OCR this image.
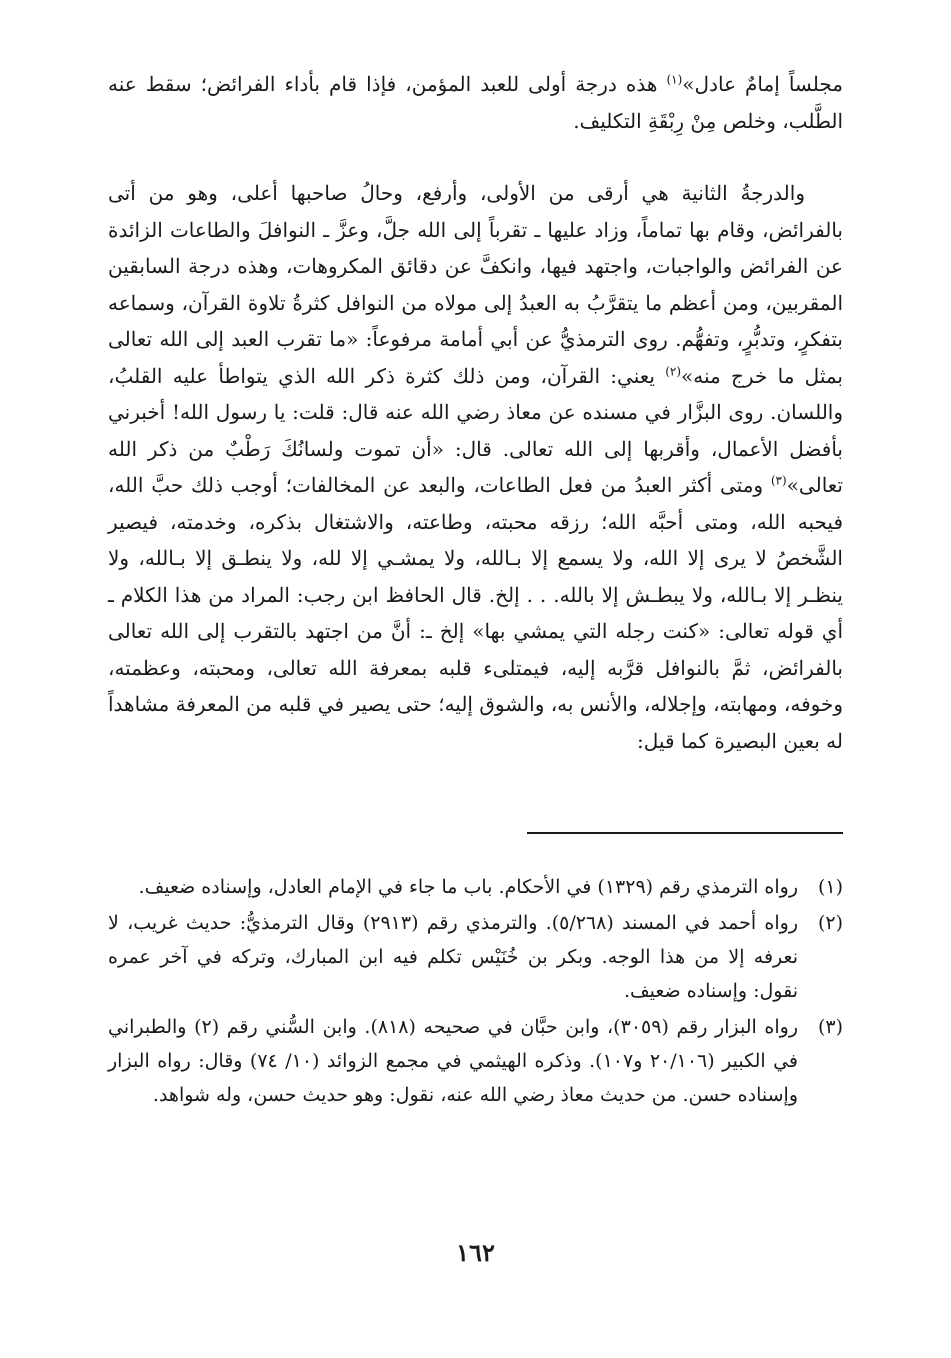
مجلساً إمامٌ عادل»$^{(١)}$ هذه درجة أولى للعبد المؤمن، فإذا قام بأداء الفرائض؛ سقط عنه الطَّلب، وخلص مِنْ رِبْقَةِ التكليف.

والدرجةُ الثانية هي أرقى من الأولى، وأرفع، وحالُ صاحبها أعلى، وهو من أتى بالفرائض، وقام بها تماماً، وزاد عليها ـ تقرباً إلى الله جلَّ، وعزَّ ـ النوافلَ والطاعات الزائدة عن الفرائض والواجبات، واجتهد فيها، وانكفَّ عن دقائق المكروهات، وهذه درجة السابقين المقربين، ومن أعظم ما يتقرَّبُ به العبدُ إلى مولاه من النوافل كثرةُ تلاوة القرآن، وسماعه بتفكرٍ، وتدبُّرٍ، وتفهُّم. روى الترمذيُّ عن أبي أمامة مرفوعاً: «ما تقرب العبد إلى الله تعالى بمثل ما خرج منه»$^{(٢)}$ يعني: القرآن، ومن ذلك كثرة ذكر الله الذي يتواطأ عليه القلبُ، واللسان. روى البزَّار في مسنده عن معاذ رضي الله عنه قال: قلت: يا رسول الله! أخبرني بأفضل الأعمال، وأقربها إلى الله تعالى. قال: «أن تموت ولسانُكَ رَطْبٌ من ذكر الله تعالى»$^{(٣)}$ ومتى أكثر العبدُ من فعل الطاعات، والبعد عن المخالفات؛ أوجب ذلك حبَّ الله، فيحبه الله، ومتى أحبَّه الله؛ رزقه محبته، وطاعته، والاشتغال بذكره، وخدمته، فيصير الشَّخصُ لا يرى إلا الله، ولا يسمع إلا بـالله، ولا يمشـي إلا لله، ولا ينطـق إلا بـالله، ولا ينظـر إلا بـالله، ولا يبطـش إلا بالله. . . إلخ. قال الحافظ ابن رجب: المراد من هذا الكلام ـ أي قوله تعالى: «كنت رجله التي يمشي بها» إلخ ـ: أنَّ من اجتهد بالتقرب إلى الله تعالى بالفرائض، ثمَّ بالنوافل قرَّبه إليه، فيمتلىء قلبه بمعرفة الله تعالى، ومحبته، وعظمته، وخوفه، ومهابته، وإجلاله، والأنس به، والشوق إليه؛ حتى يصير في قلبه من المعرفة مشاهداً له بعين البصيرة كما قيل:

(١)
رواه الترمذي رقم (١٣٢٩) في الأحكام. باب ما جاء في الإمام العادل، وإسناده ضعيف.
(٢)
رواه أحمد في المسند (٥/٢٦٨). والترمذي رقم (٢٩١٣) وقال الترمذيُّ: حديث غريب، لا نعرفه إلا من هذا الوجه. وبكر بن خُنَيْس تكلم فيه ابن المبارك، وتركه في آخر عمره نقول: وإسناده ضعيف.
(٣)
رواه البزار رقم (٣٠٥٩)، وابن حبَّان في صحيحه (٨١٨). وابن السُّني رقم (٢) والطبراني في الكبير (٢٠/١٠٦ و١٠٧). وذكره الهيثمي في مجمع الزوائد (١٠/ ٧٤) وقال: رواه البزار وإسناده حسن. من حديث معاذ رضي الله عنه، نقول: وهو حديث حسن، وله شواهد.
١٦٢
